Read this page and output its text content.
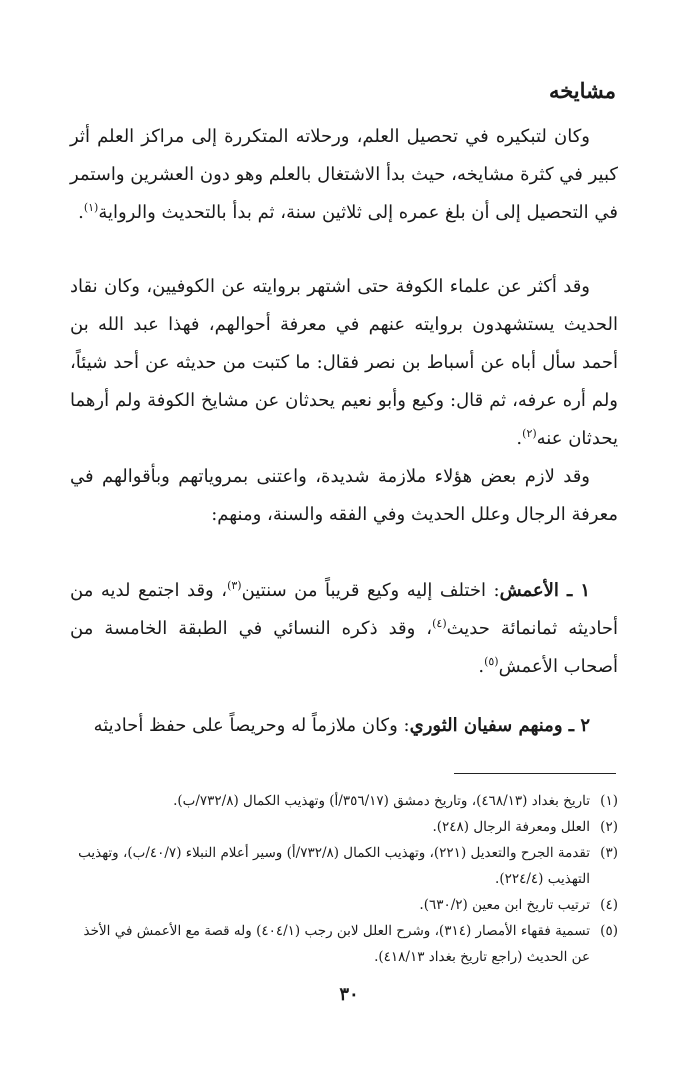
مشايخه

وكان لتبكيره في تحصيل العلم، ورحلاته المتكررة إلى مراكز العلم أثر كبير في كثرة مشايخه، حيث بدأ الاشتغال بالعلم وهو دون العشرين واستمر في التحصيل إلى أن بلغ عمره إلى ثلاثين سنة، ثم بدأ بالتحديث والرواية$^{(١)}$.

وقد أكثر عن علماء الكوفة حتى اشتهر بروايته عن الكوفيين، وكان نقاد الحديث يستشهدون بروايته عنهم في معرفة أحوالهم، فهذا عبد الله بن أحمد سأل أباه عن أسباط بن نصر فقال: ما كتبت من حديثه عن أحد شيئاً، ولم أره عرفه، ثم قال: وكيع وأبو نعيم يحدثان عن مشايخ الكوفة ولم أرهما يحدثان عنه$^{(٢)}$.

وقد لازم بعض هؤلاء ملازمة شديدة، واعتنى بمروياتهم وبأقوالهم في معرفة الرجال وعلل الحديث وفي الفقه والسنة، ومنهم:

١ ـ الأعمش: اختلف إليه وكيع قريباً من سنتين$^{(٣)}$، وقد اجتمع لديه من أحاديثه ثمانمائة حديث$^{(٤)}$، وقد ذكره النسائي في الطبقة الخامسة من أصحاب الأعمش$^{(٥)}$.

٢ ـ ومنهم سفيان الثوري: وكان ملازماً له وحريصاً على حفظ أحاديثه

(١)
تاريخ بغداد (٤٦٨/١٣)، وتاريخ دمشق (٣٥٦/١٧/أ) وتهذيب الكمال (٧٣٢/٨/ب).
(٢)
العلل ومعرفة الرجال (٢٤٨).
(٣)
تقدمة الجرح والتعديل (٢٢١)، وتهذيب الكمال (٧٣٢/٨/أ) وسير أعلام النبلاء (٤٠/٧/ب)، وتهذيب التهذيب (٢٢٤/٤).
(٤)
ترتيب تاريخ ابن معين (٦٣٠/٢).
(٥)
تسمية فقهاء الأمصار (٣١٤)، وشرح العلل لابن رجب (٤٠٤/١) وله قصة مع الأعمش في الأخذ عن الحديث (راجع تاريخ بغداد ٤١٨/١٣).
٣٠
